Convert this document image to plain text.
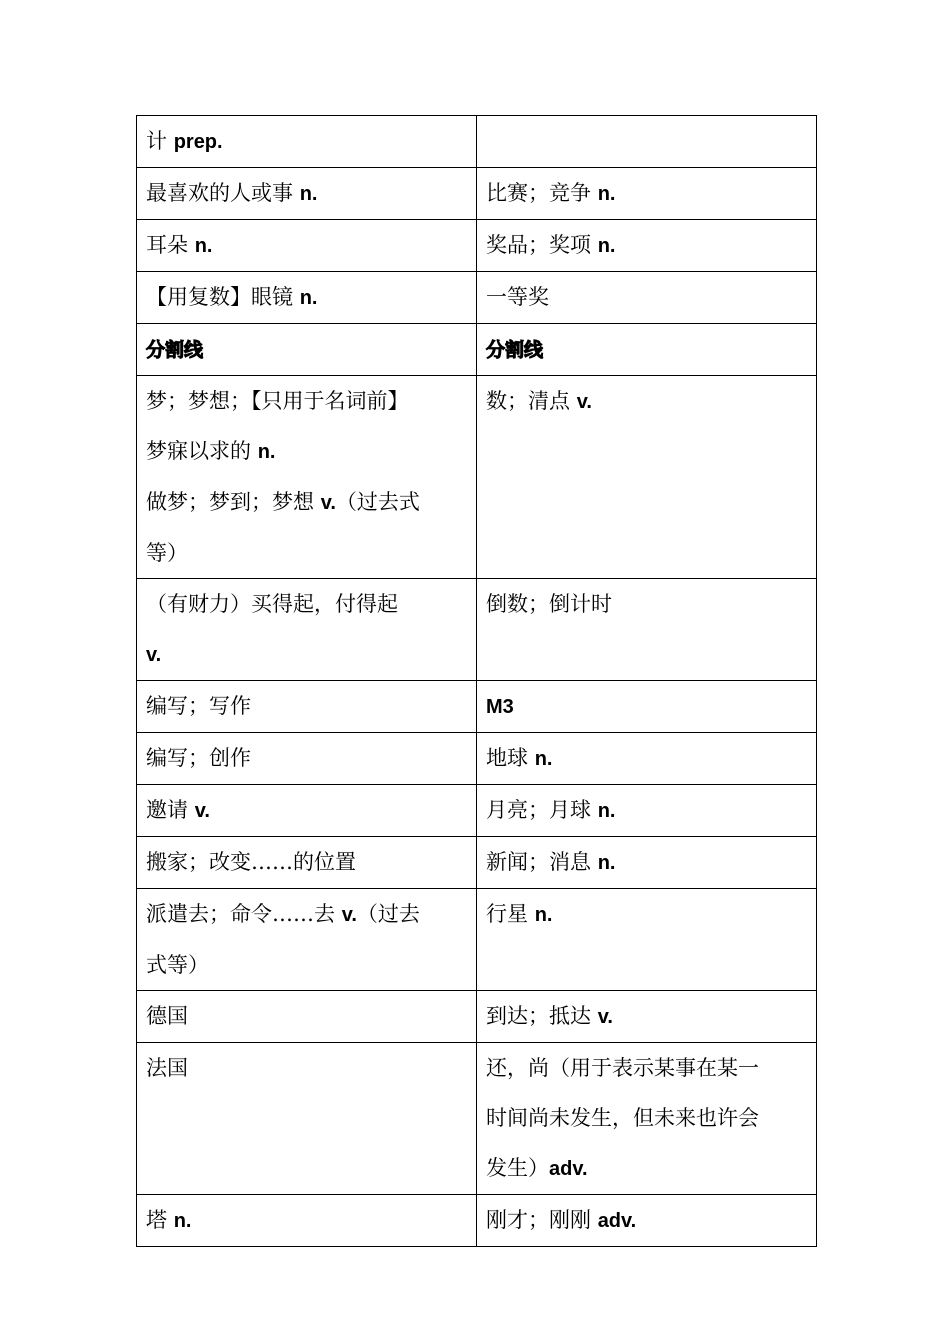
计 prep.	

最喜欢的人或事 n.	比赛；竞争 n.

耳朵 n.	奖品；奖项 n.

【用复数】眼镜 n.	一等奖

分割线	分割线

梦；梦想；【只用于名词前】
梦寐以求的 n.
做梦；梦到；梦想 v.（过去式
等）	数；清点 v.

（有财力）买得起，付得起
v.	倒数；倒计时

编写；写作	M3

编写；创作	地球 n.

邀请 v.	月亮；月球 n.

搬家；改变……的位置	新闻；消息 n.

派遣去；命令……去 v.（过去
式等）	行星 n.

德国	到达；抵达 v.

法国	还，尚（用于表示某事在某一
时间尚未发生，但未来也许会
发生）adv.

塔 n.	刚才；刚刚 adv.
